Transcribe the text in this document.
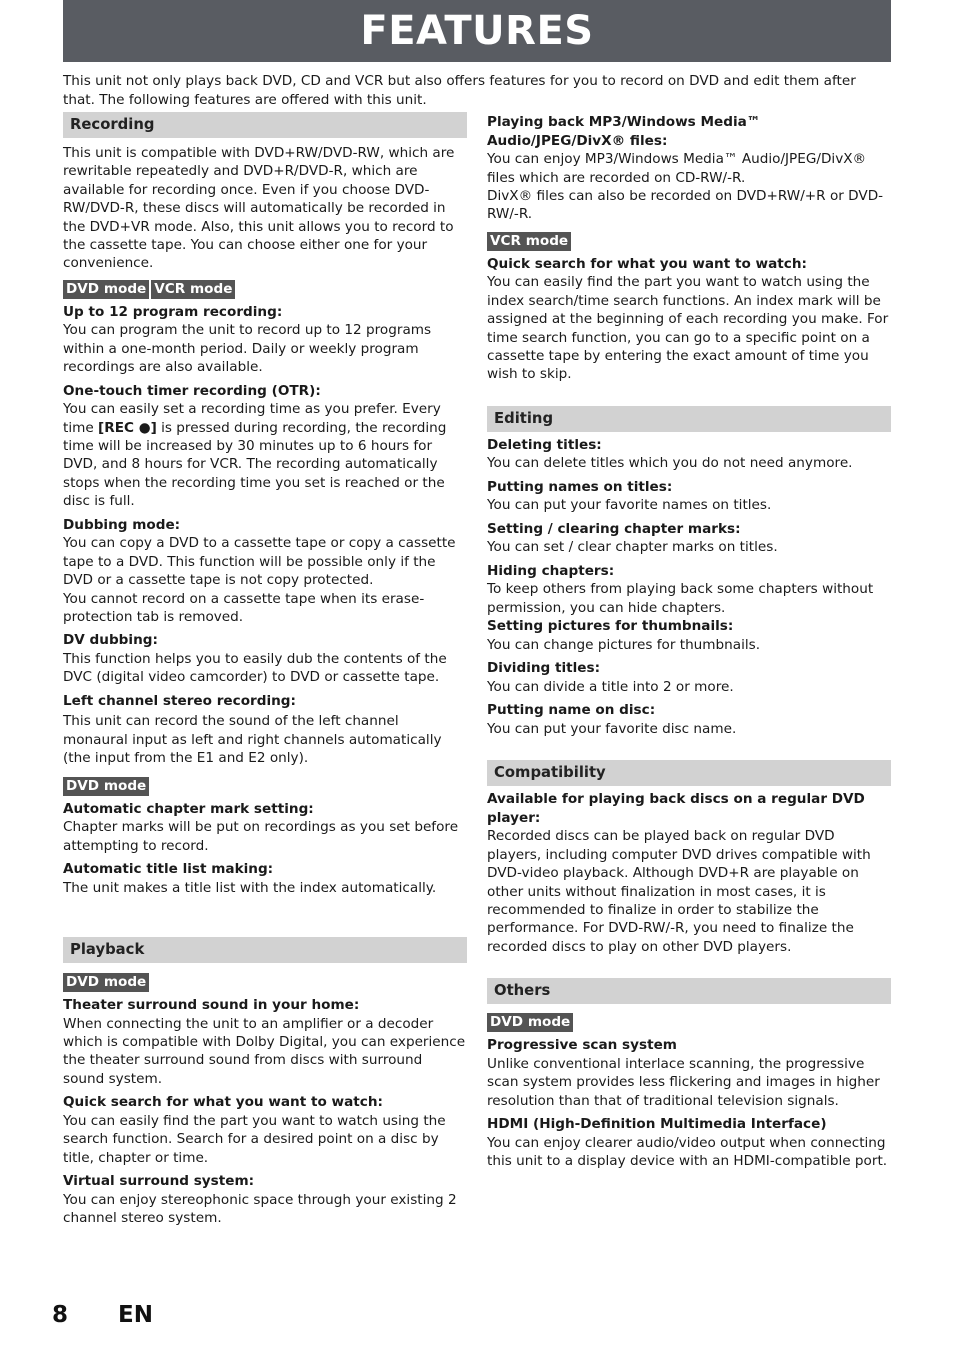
FEATURES

This unit not only plays back DVD, CD and VCR but also offers features for you to record on DVD and edit them after that. The following features are offered with this unit.

Recording

This unit is compatible with DVD+RW/DVD-RW, which are rewritable repeatedly and DVD+R/DVD-R, which are available for recording once. Even if you choose DVD-RW/DVD-R, these discs will automatically be recorded in the DVD+VR mode. Also, this unit allows you to record to the cassette tape. You can choose either one for your convenience.

DVD mode VCR mode

Up to 12 program recording:

You can program the unit to record up to 12 programs within a one-month period. Daily or weekly program recordings are also available.

One-touch timer recording (OTR):

You can easily set a recording time as you prefer. Every time [REC ●] is pressed during recording, the recording time will be increased by 30 minutes up to 6 hours for DVD, and 8 hours for VCR. The recording automatically stops when the recording time you set is reached or the disc is full.

Dubbing mode:

You can copy a DVD to a cassette tape or copy a cassette tape to a DVD. This function will be possible only if the DVD or a cassette tape is not copy protected.

You cannot record on a cassette tape when its erase-protection tab is removed.

DV dubbing:

This function helps you to easily dub the contents of the DVC (digital video camcorder) to DVD or cassette tape.

Left channel stereo recording:

This unit can record the sound of the left channel monaural input as left and right channels automatically (the input from the E1 and E2 only).

DVD mode

Automatic chapter mark setting:

Chapter marks will be put on recordings as you set before attempting to record.

Automatic title list making:

The unit makes a title list with the index automatically.

Playback
DVD mode

Theater surround sound in your home:

When connecting the unit to an amplifier or a decoder which is compatible with Dolby Digital, you can experience the theater surround sound from discs with surround sound system.

Quick search for what you want to watch:

You can easily find the part you want to watch using the search function. Search for a desired point on a disc by title, chapter or time.

Virtual surround system:

You can enjoy stereophonic space through your existing 2 channel stereo system.

Playing back MP3/Windows Media™ Audio/JPEG/DivX® files:

You can enjoy MP3/Windows Media™ Audio/JPEG/DivX® files which are recorded on CD-RW/-R.

DivX® files can also be recorded on DVD+RW/+R or DVD-RW/-R.

VCR mode

Quick search for what you want to watch:

You can easily find the part you want to watch using the index search/time search functions. An index mark will be assigned at the beginning of each recording you make. For time search function, you can go to a specific point on a cassette tape by entering the exact amount of time you wish to skip.

Editing

Deleting titles:

You can delete titles which you do not need anymore.

Putting names on titles:

You can put your favorite names on titles.

Setting / clearing chapter marks:

You can set / clear chapter marks on titles.

Hiding chapters:

To keep others from playing back some chapters without permission, you can hide chapters.

Setting pictures for thumbnails:

You can change pictures for thumbnails.

Dividing titles:

You can divide a title into 2 or more.

Putting name on disc:

You can put your favorite disc name.

Compatibility

Available for playing back discs on a regular DVD player:

Recorded discs can be played back on regular DVD players, including computer DVD drives compatible with DVD-video playback. Although DVD+R are playable on other units without finalization in most cases, it is recommended to finalize in order to stabilize the performance. For DVD-RW/-R, you need to finalize the recorded discs to play on other DVD players.

Others
DVD mode

Progressive scan system

Unlike conventional interlace scanning, the progressive scan system provides less flickering and images in higher resolution than that of traditional television signals.

HDMI (High-Definition Multimedia Interface)

You can enjoy clearer audio/video output when connecting this unit to a display device with an HDMI-compatible port.

8 EN
